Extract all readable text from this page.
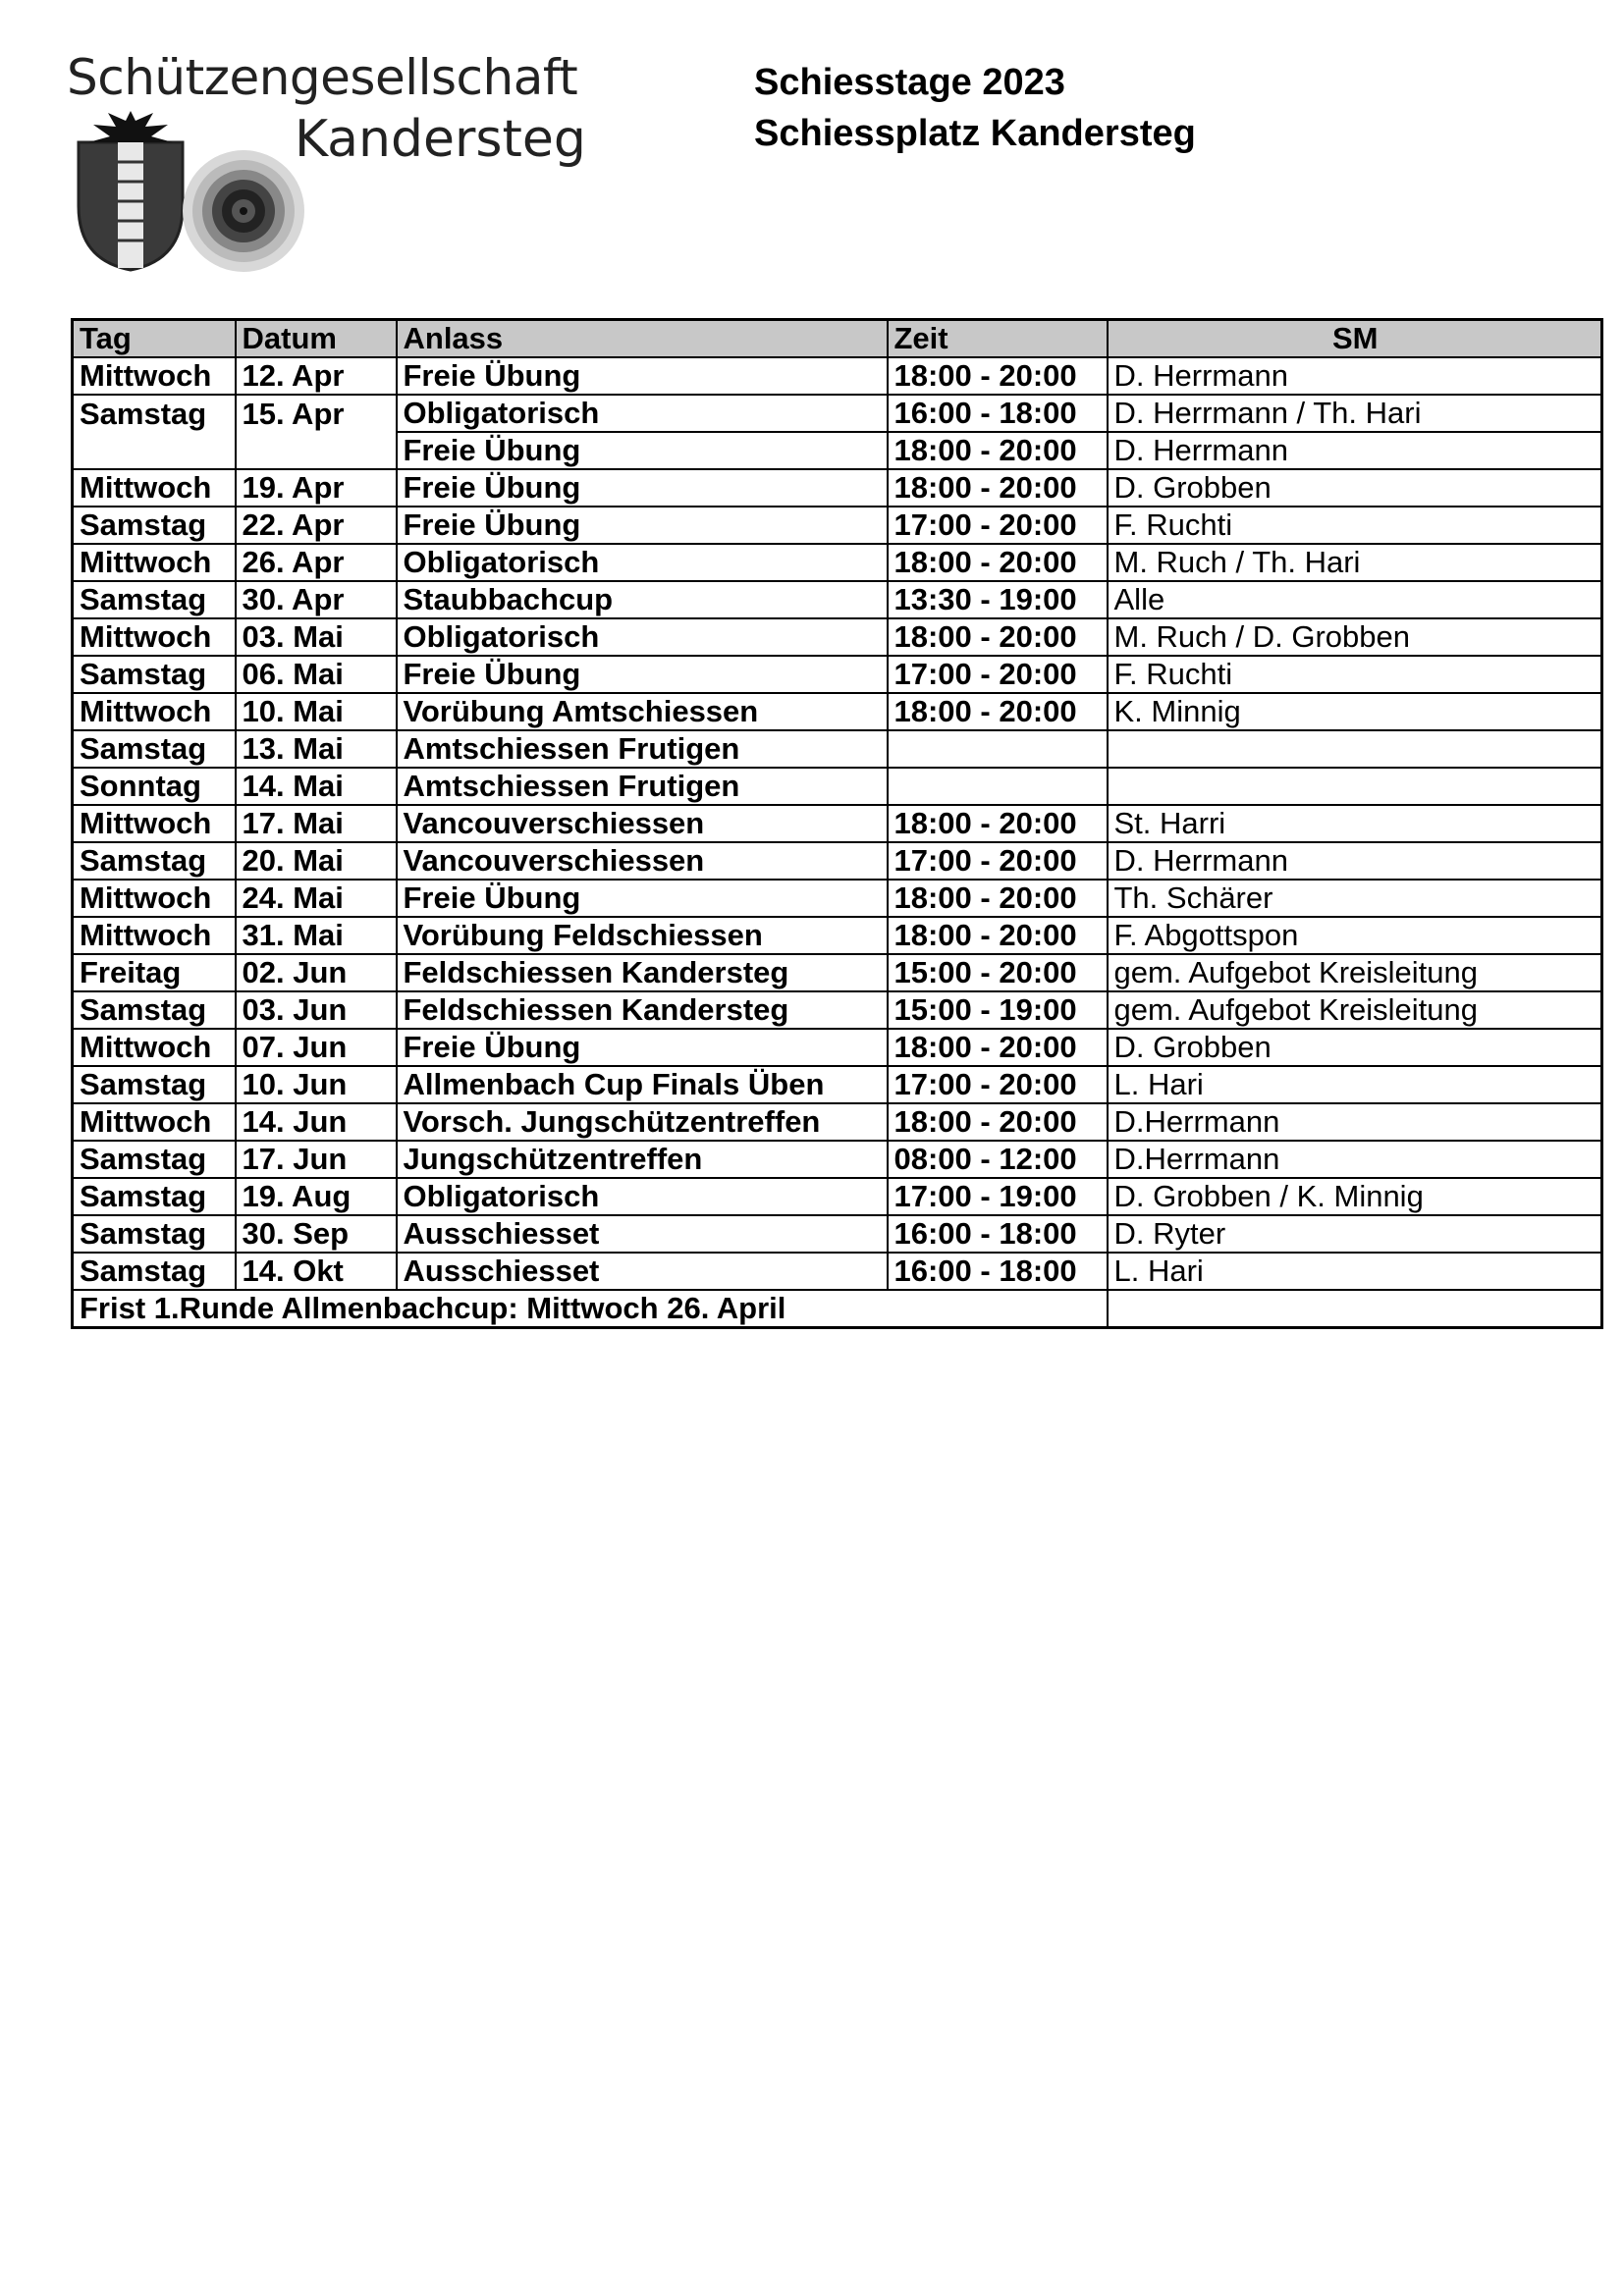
Schützengesellschaft
Kandersteg
Schiesstage 2023
Schiessplatz Kandersteg
Tag	Datum	Anlass	Zeit	SM
Mittwoch	12. Apr	Freie Übung	18:00 - 20:00	D. Herrmann
Samstag	15. Apr	Obligatorisch	16:00 - 18:00	D. Herrmann / Th. Hari
		Freie Übung	18:00 - 20:00	D. Herrmann
Mittwoch	19. Apr	Freie Übung	18:00 - 20:00	D. Grobben
Samstag	22. Apr	Freie Übung	17:00 - 20:00	F. Ruchti
Mittwoch	26. Apr	Obligatorisch	18:00 - 20:00	M. Ruch / Th. Hari
Samstag	30. Apr	Staubbachcup	13:30 - 19:00	Alle
Mittwoch	03. Mai	Obligatorisch	18:00 - 20:00	M. Ruch / D. Grobben
Samstag	06. Mai	Freie Übung	17:00 - 20:00	F. Ruchti
Mittwoch	10. Mai	Vorübung Amtschiessen	18:00 - 20:00	K. Minnig
Samstag	13. Mai	Amtschiessen Frutigen		
Sonntag	14. Mai	Amtschiessen Frutigen		
Mittwoch	17. Mai	Vancouverschiessen	18:00 - 20:00	St. Harri
Samstag	20. Mai	Vancouverschiessen	17:00 - 20:00	D. Herrmann
Mittwoch	24. Mai	Freie Übung	18:00 - 20:00	Th. Schärer
Mittwoch	31. Mai	Vorübung Feldschiessen	18:00 - 20:00	F. Abgottspon
Freitag	02. Jun	Feldschiessen Kandersteg	15:00 - 20:00	gem. Aufgebot Kreisleitung
Samstag	03. Jun	Feldschiessen Kandersteg	15:00 - 19:00	gem. Aufgebot Kreisleitung
Mittwoch	07. Jun	Freie Übung	18:00 - 20:00	D. Grobben
Samstag	10. Jun	Allmenbach Cup Finals Üben	17:00 - 20:00	L. Hari
Mittwoch	14. Jun	Vorsch. Jungschützentreffen	18:00 - 20:00	D.Herrmann
Samstag	17. Jun	Jungschützentreffen	08:00 - 12:00	D.Herrmann
Samstag	19. Aug	Obligatorisch	17:00 - 19:00	D. Grobben / K. Minnig
Samstag	30. Sep	Ausschiesset	16:00 - 18:00	D. Ryter
Samstag	14. Okt	Ausschiesset	16:00 - 18:00	L. Hari
Frist 1.Runde Allmenbachcup: Mittwoch 26. April				
